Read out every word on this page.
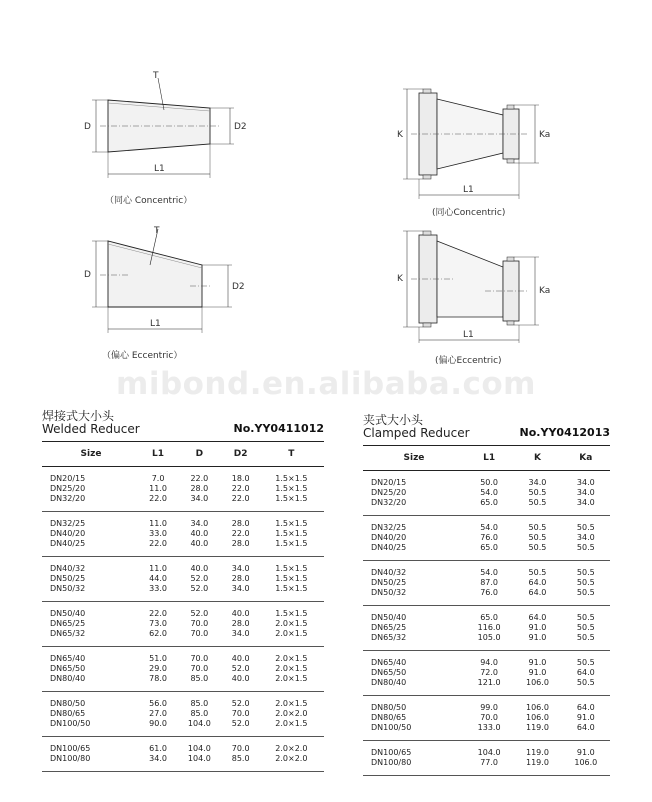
T
D	D2
L1
（同心 Concentric）
K	Ka
L1
(同心Concentric)
T
D
D2
L1
（偏心 Eccentric）
K
Ka
L1
(偏心Eccentric)
mibond.en.alibaba.com
焊接式大小头
Welded Reducer	No.YY0411012
Size	L1	D	D2	T
DN20/15	7.0	22.0	18.0	1.5×1.5
DN25/20	11.0	28.0	22.0	1.5×1.5
DN32/20	22.0	34.0	22.0	1.5×1.5
DN32/25	11.0	34.0	28.0	1.5×1.5
DN40/20	33.0	40.0	22.0	1.5×1.5
DN40/25	22.0	40.0	28.0	1.5×1.5
DN40/32	11.0	40.0	34.0	1.5×1.5
DN50/25	44.0	52.0	28.0	1.5×1.5
DN50/32	33.0	52.0	34.0	1.5×1.5
DN50/40	22.0	52.0	40.0	1.5×1.5
DN65/25	73.0	70.0	28.0	2.0×1.5
DN65/32	62.0	70.0	34.0	2.0×1.5
DN65/40	51.0	70.0	40.0	2.0×1.5
DN65/50	29.0	70.0	52.0	2.0×1.5
DN80/40	78.0	85.0	40.0	2.0×1.5
DN80/50	56.0	85.0	52.0	2.0×1.5
DN80/65	27.0	85.0	70.0	2.0×2.0
DN100/50	90.0	104.0	52.0	2.0×1.5
DN100/65	61.0	104.0	70.0	2.0×2.0
DN100/80	34.0	104.0	85.0	2.0×2.0
夹式大小头
Clamped Reducer	No.YY0412013
Size	L1	K	Ka
DN20/15	50.0	34.0	34.0
DN25/20	54.0	50.5	34.0
DN32/20	65.0	50.5	34.0
DN32/25	54.0	50.5	50.5
DN40/20	76.0	50.5	34.0
DN40/25	65.0	50.5	50.5
DN40/32	54.0	50.5	50.5
DN50/25	87.0	64.0	50.5
DN50/32	76.0	64.0	50.5
DN50/40	65.0	64.0	50.5
DN65/25	116.0	91.0	50.5
DN65/32	105.0	91.0	50.5
DN65/40	94.0	91.0	50.5
DN65/50	72.0	91.0	64.0
DN80/40	121.0	106.0	50.5
DN80/50	99.0	106.0	64.0
DN80/65	70.0	106.0	91.0
DN100/50	133.0	119.0	64.0
DN100/65	104.0	119.0	91.0
DN100/80	77.0	119.0	106.0
